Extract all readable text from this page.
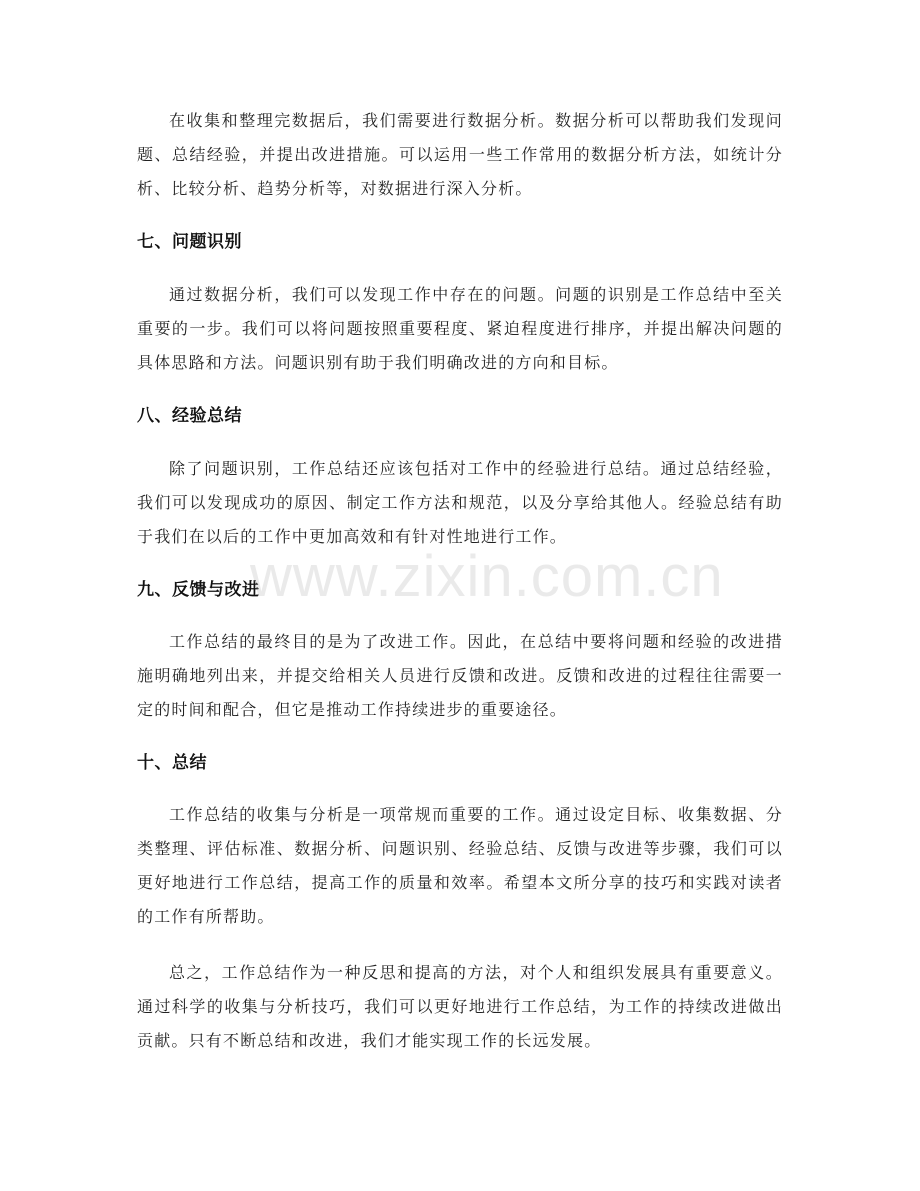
在收集和整理完数据后，我们需要进行数据分析。数据分析可以帮助我们发现问题、总结经验，并提出改进措施。可以运用一些工作常用的数据分析方法，如统计分析、比较分析、趋势分析等，对数据进行深入分析。

七、问题识别

通过数据分析，我们可以发现工作中存在的问题。问题的识别是工作总结中至关重要的一步。我们可以将问题按照重要程度、紧迫程度进行排序，并提出解决问题的具体思路和方法。问题识别有助于我们明确改进的方向和目标。

八、经验总结

除了问题识别，工作总结还应该包括对工作中的经验进行总结。通过总结经验，我们可以发现成功的原因、制定工作方法和规范，以及分享给其他人。经验总结有助于我们在以后的工作中更加高效和有针对性地进行工作。

九、反馈与改进

工作总结的最终目的是为了改进工作。因此，在总结中要将问题和经验的改进措施明确地列出来，并提交给相关人员进行反馈和改进。反馈和改进的过程往往需要一定的时间和配合，但它是推动工作持续进步的重要途径。

十、总结

工作总结的收集与分析是一项常规而重要的工作。通过设定目标、收集数据、分类整理、评估标准、数据分析、问题识别、经验总结、反馈与改进等步骤，我们可以更好地进行工作总结，提高工作的质量和效率。希望本文所分享的技巧和实践对读者的工作有所帮助。

总之，工作总结作为一种反思和提高的方法，对个人和组织发展具有重要意义。通过科学的收集与分析技巧，我们可以更好地进行工作总结，为工作的持续改进做出贡献。只有不断总结和改进，我们才能实现工作的长远发展。

www.zixin.com.cn
